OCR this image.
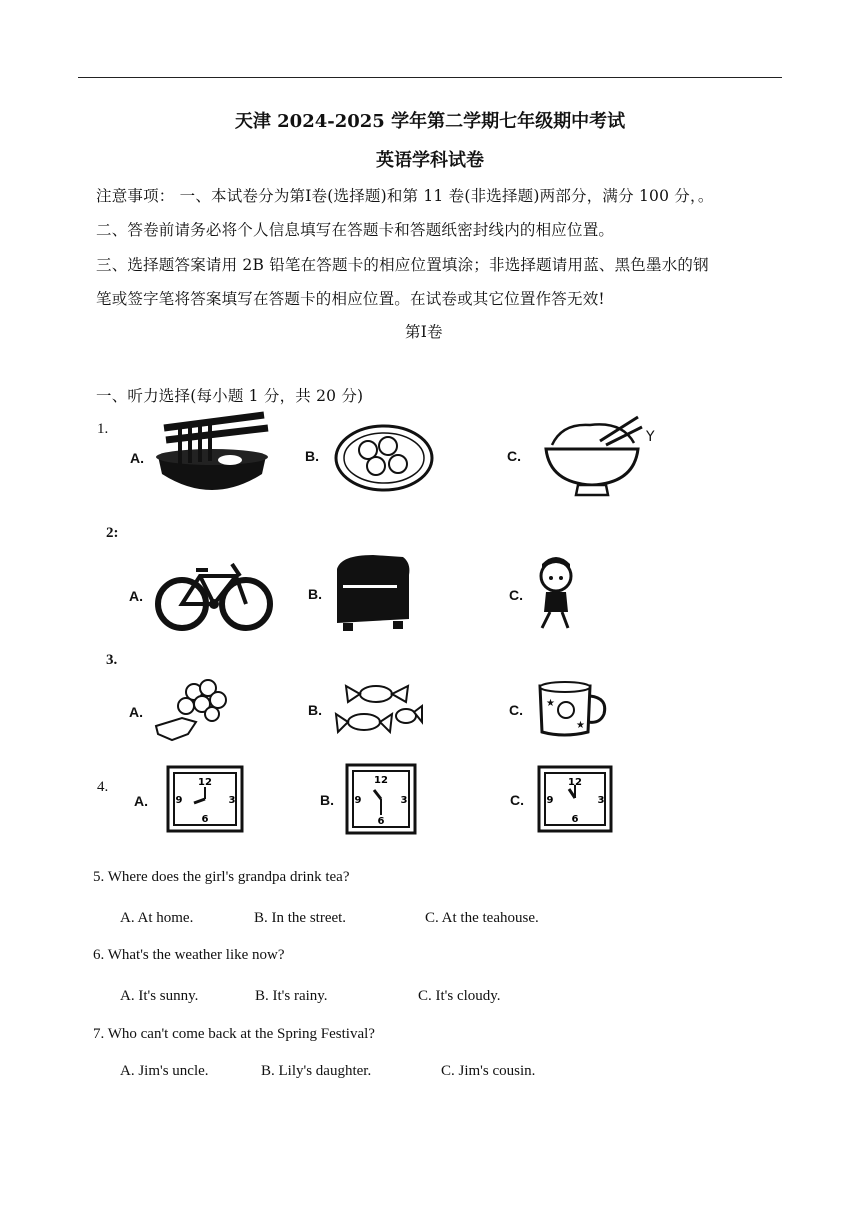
天津 2024-2025 学年第二学期七年级期中考试
英语学科试卷
注意事项： 一、本试卷分为第Ⅰ卷(选择题)和第 11 卷(非选择题)两部分，满分 100 分，。
二、答卷前请务必将个人信息填写在答题卡和答题纸密封线内的相应位置。
三、选择题答案请用 2B 铅笔在答题卡的相应位置填涂；非选择题请用蓝、黑色墨水的钢
笔或签字笔将答案填写在答题卡的相应位置。在试卷或其它位置作答无效!
第Ⅰ卷
一、听力选择(每小题 1 分，共 20 分)
1.
A.	B.	C.
Y
2:
A.	B.	C.
3.
A.	B.	C. ★
★
4.
A.	B.	C.
12
3
6
9
12
3
6
9
12
3
6
9
5. Where does the girl's grandpa drink tea?
A. At home.	B. In the street.	C. At the teahouse.
6. What's the weather like now?
A. It's sunny.	B. It's rainy.	C. It's cloudy.
7. Who can't come back at the Spring Festival?
A. Jim's uncle.	B. Lily's daughter.	C. Jim's cousin.
